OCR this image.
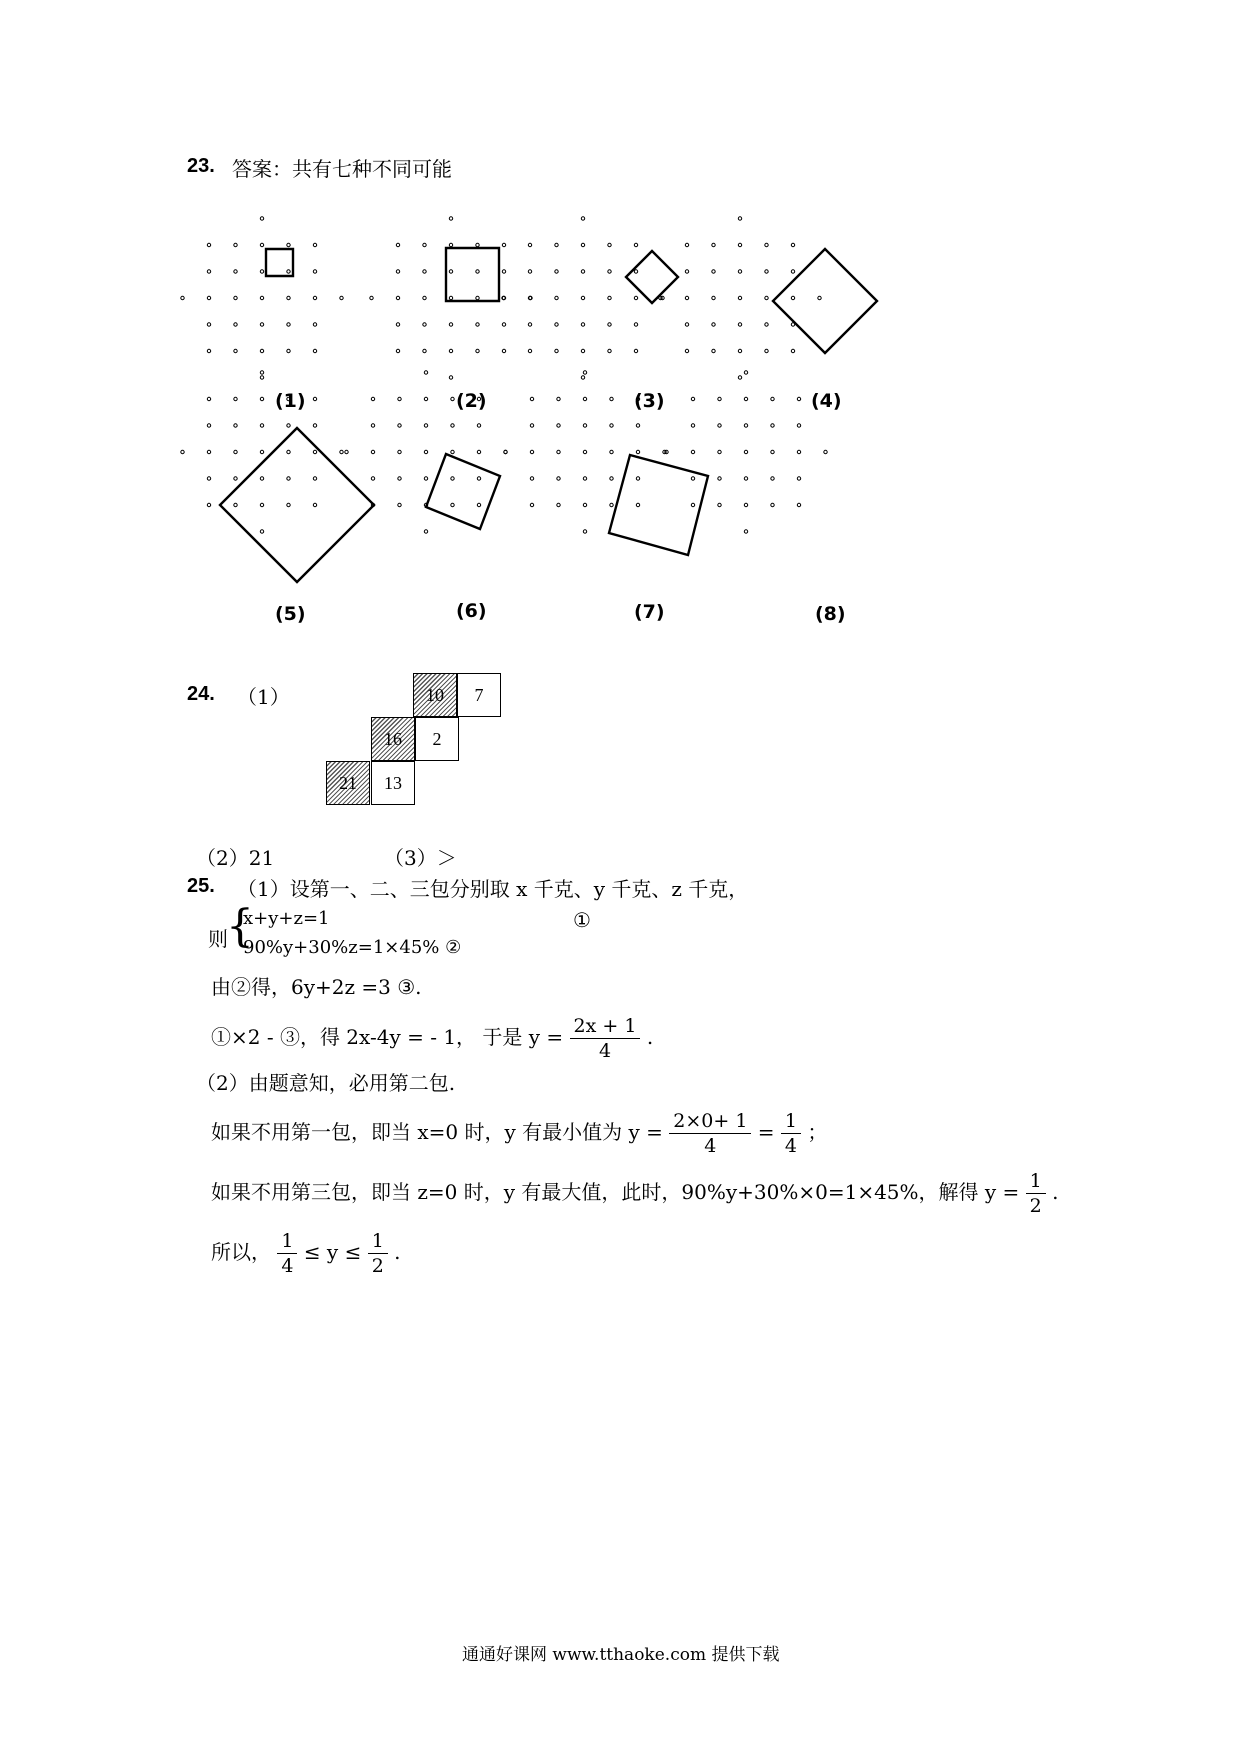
23. 答案：共有七种不同可能
(1)	(2)	(3)	(4)
(5)	(6)	(7)	(8)
24. （1）	10	7
16	2
21	13
（2）21	（3）＞
25. （1）设第一、二、三包分别取 x 千克、y 千克、z 千克，
则
{
x+y+z=1	①
90%y+30%z=1×45% ②
由②得，6y+2z =3 ③.
①×2 - ③，得 2x-4y = - 1， 于是 $y = \frac{2x + 1}{4}$ .
（2）由题意知，必用第二包.
如果不用第一包，即当 x=0 时，y 有最小值为 $y = \frac{2\times 0+ 1}{4} = \frac{1}{4}$ ；
如果不用第三包，即当 z=0 时，y 有最大值，此时，90%y+30%×0=1×45%，解得 $y = \frac{1}{2}$ .
所以， $\frac{1}{4} \le y \le \frac{1}{2}$ .
通通好课网 www.tthaoke.com 提供下载
